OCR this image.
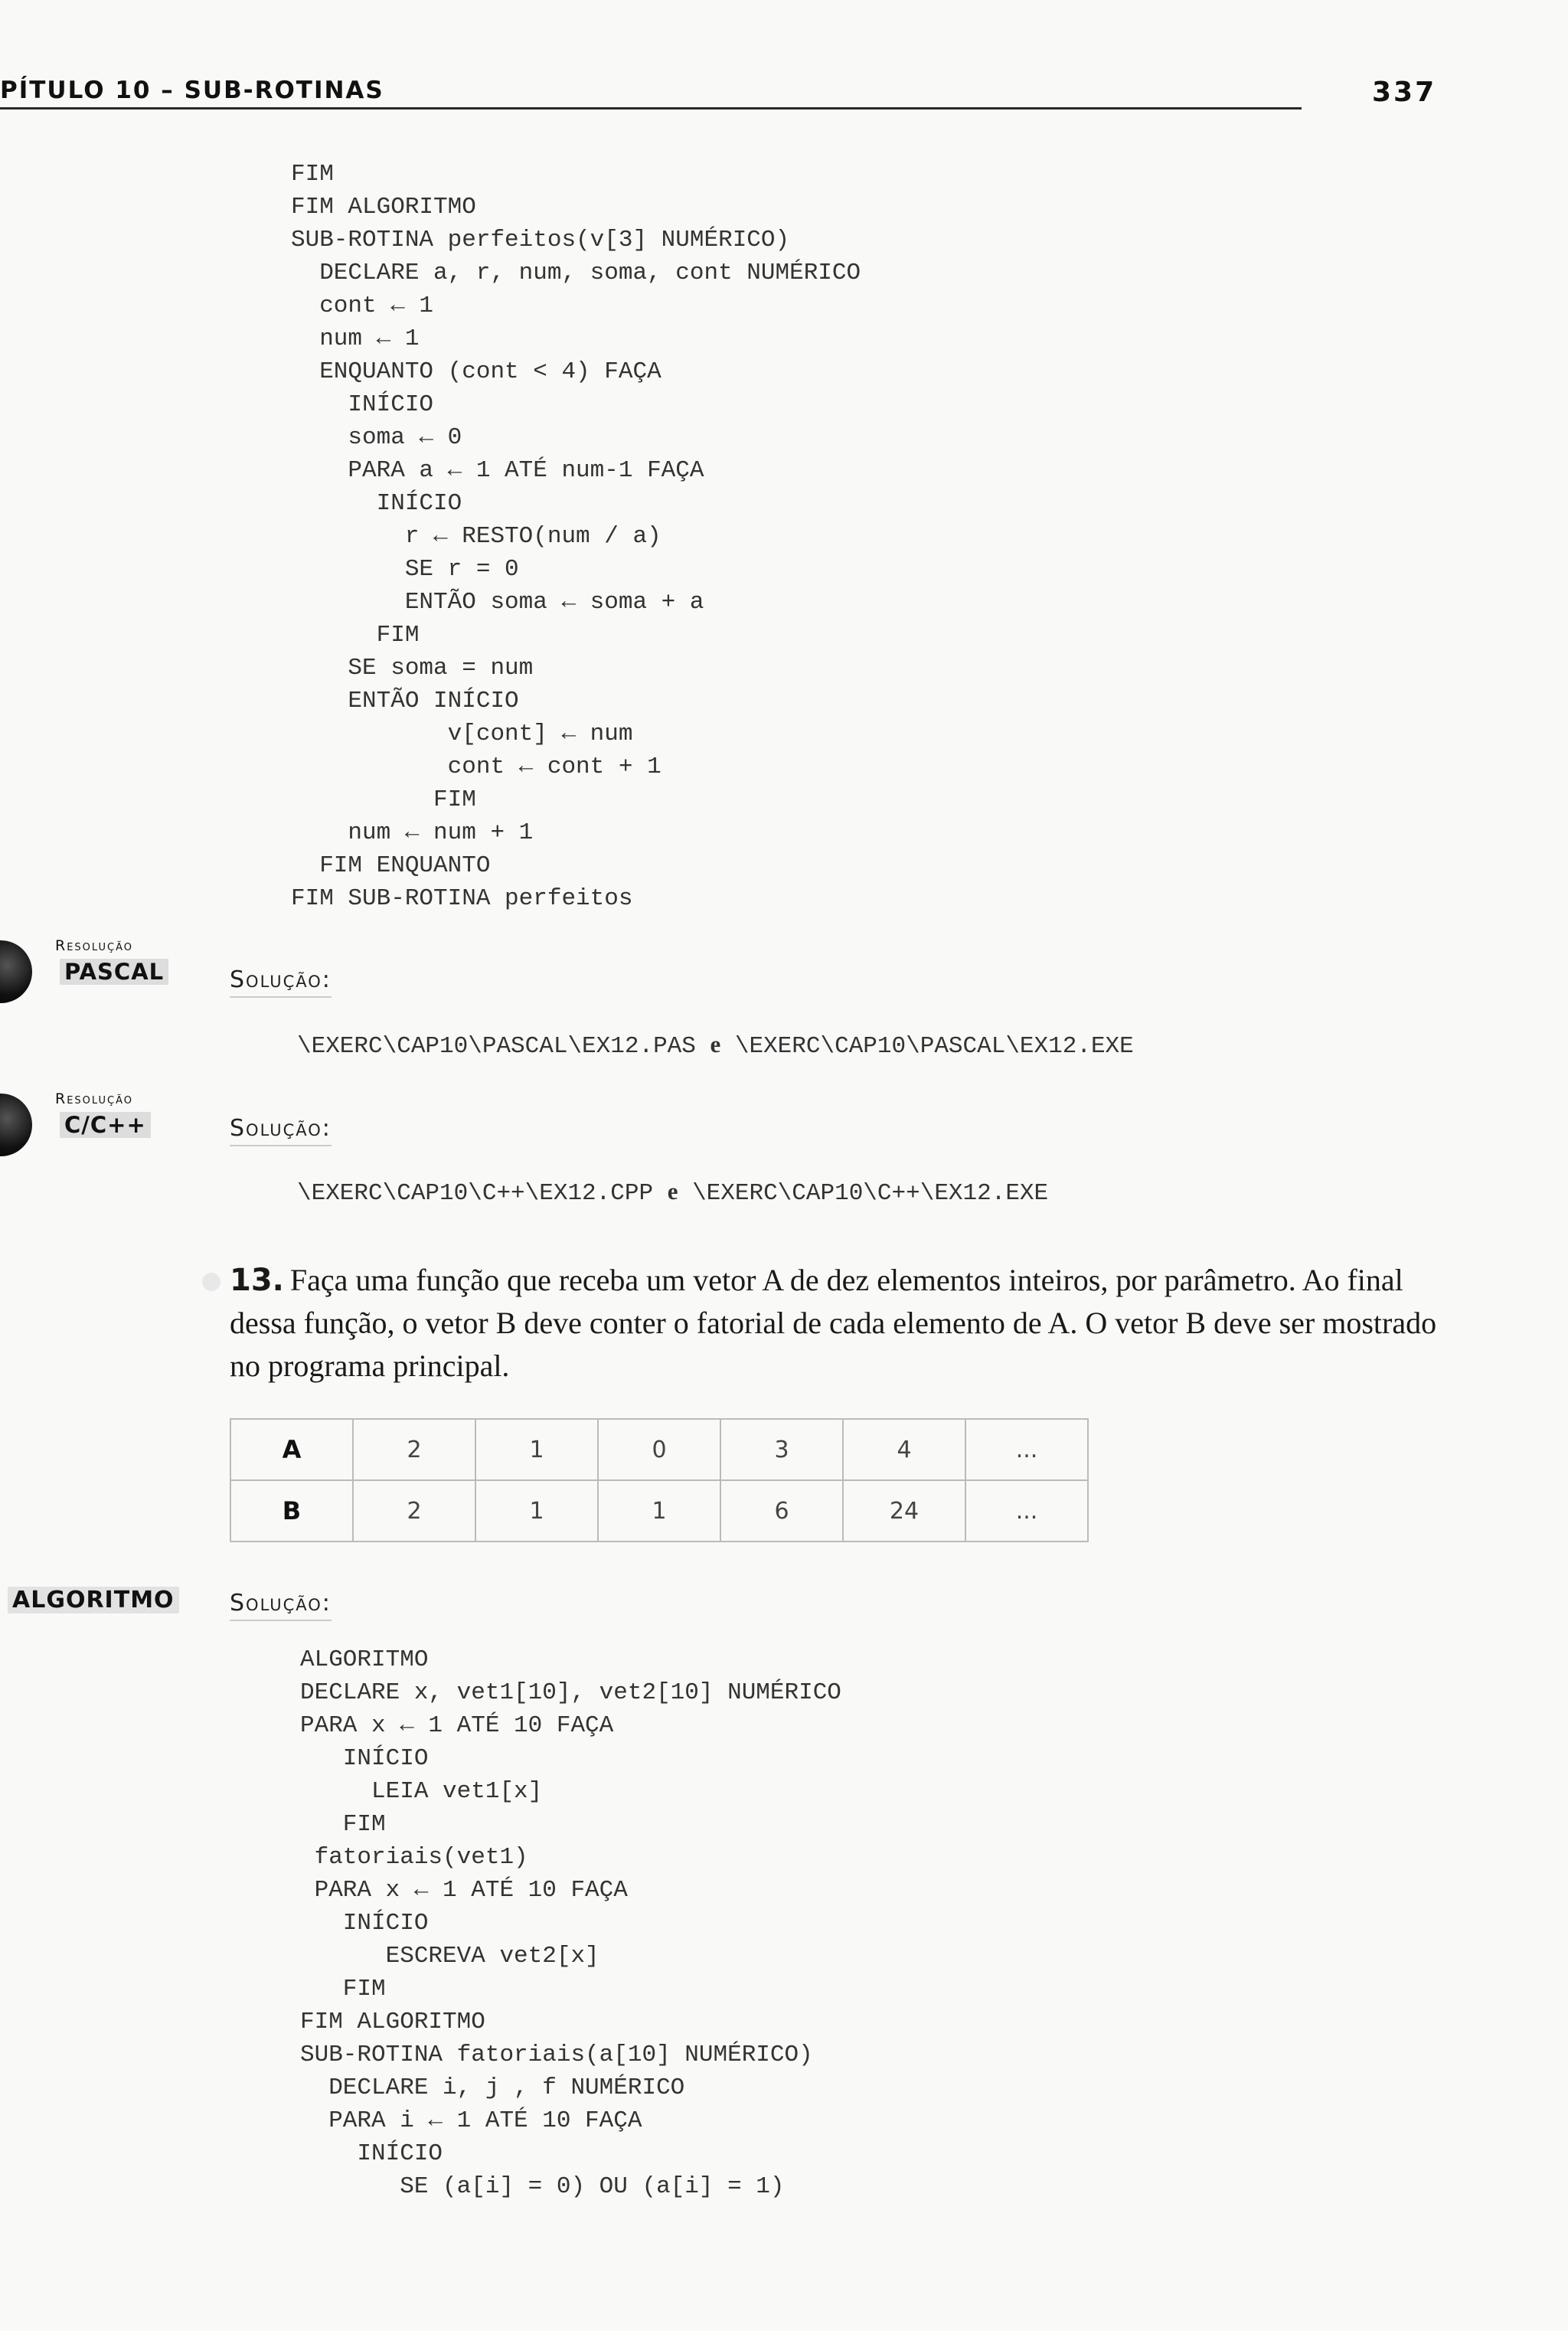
PÍTULO 10 – SUB-ROTINAS	337
FIM
FIM ALGORITMO
SUB-ROTINA perfeitos(v[3] NUMÉRICO)
DECLARE a, r, num, soma, cont NUMÉRICO
cont ← 1
num ← 1
ENQUANTO (cont < 4) FAÇA
INÍCIO
soma ← 0
PARA a ← 1 ATÉ num-1 FAÇA
INÍCIO
r ← RESTO(num / a)
SE r = 0
ENTÃO soma ← soma + a
FIM
SE soma = num
ENTÃO INÍCIO
v[cont] ← num
cont ← cont + 1
FIM
num ← num + 1
FIM ENQUANTO
FIM SUB-ROTINA perfeitos
Resolução
PASCAL	Solução:
\EXERC\CAP10\PASCAL\EX12.PAS e \EXERC\CAP10\PASCAL\EX12.EXE
Resolução
C/C++	Solução:
\EXERC\CAP10\C++\EX12.CPP e \EXERC\CAP10\C++\EX12.EXE
13. Faça uma função que receba um vetor A de dez elementos inteiros, por parâmetro. Ao final dessa função, o vetor B deve conter o fatorial de cada elemento de A. O vetor B deve ser mostrado no programa principal.
A	2	1	0	3	4	...
B	2	1	1	6	24	...
ALGORITMO Solução:
ALGORITMO
DECLARE x, vet1[10], vet2[10] NUMÉRICO
PARA x ← 1 ATÉ 10 FAÇA
INÍCIO
LEIA vet1[x]
FIM
fatoriais(vet1)
PARA x ← 1 ATÉ 10 FAÇA
INÍCIO
ESCREVA vet2[x]
FIM
FIM ALGORITMO
SUB-ROTINA fatoriais(a[10] NUMÉRICO)
DECLARE i, j , f NUMÉRICO
PARA i ← 1 ATÉ 10 FAÇA
INÍCIO
SE (a[i] = 0) OU (a[i] = 1)
